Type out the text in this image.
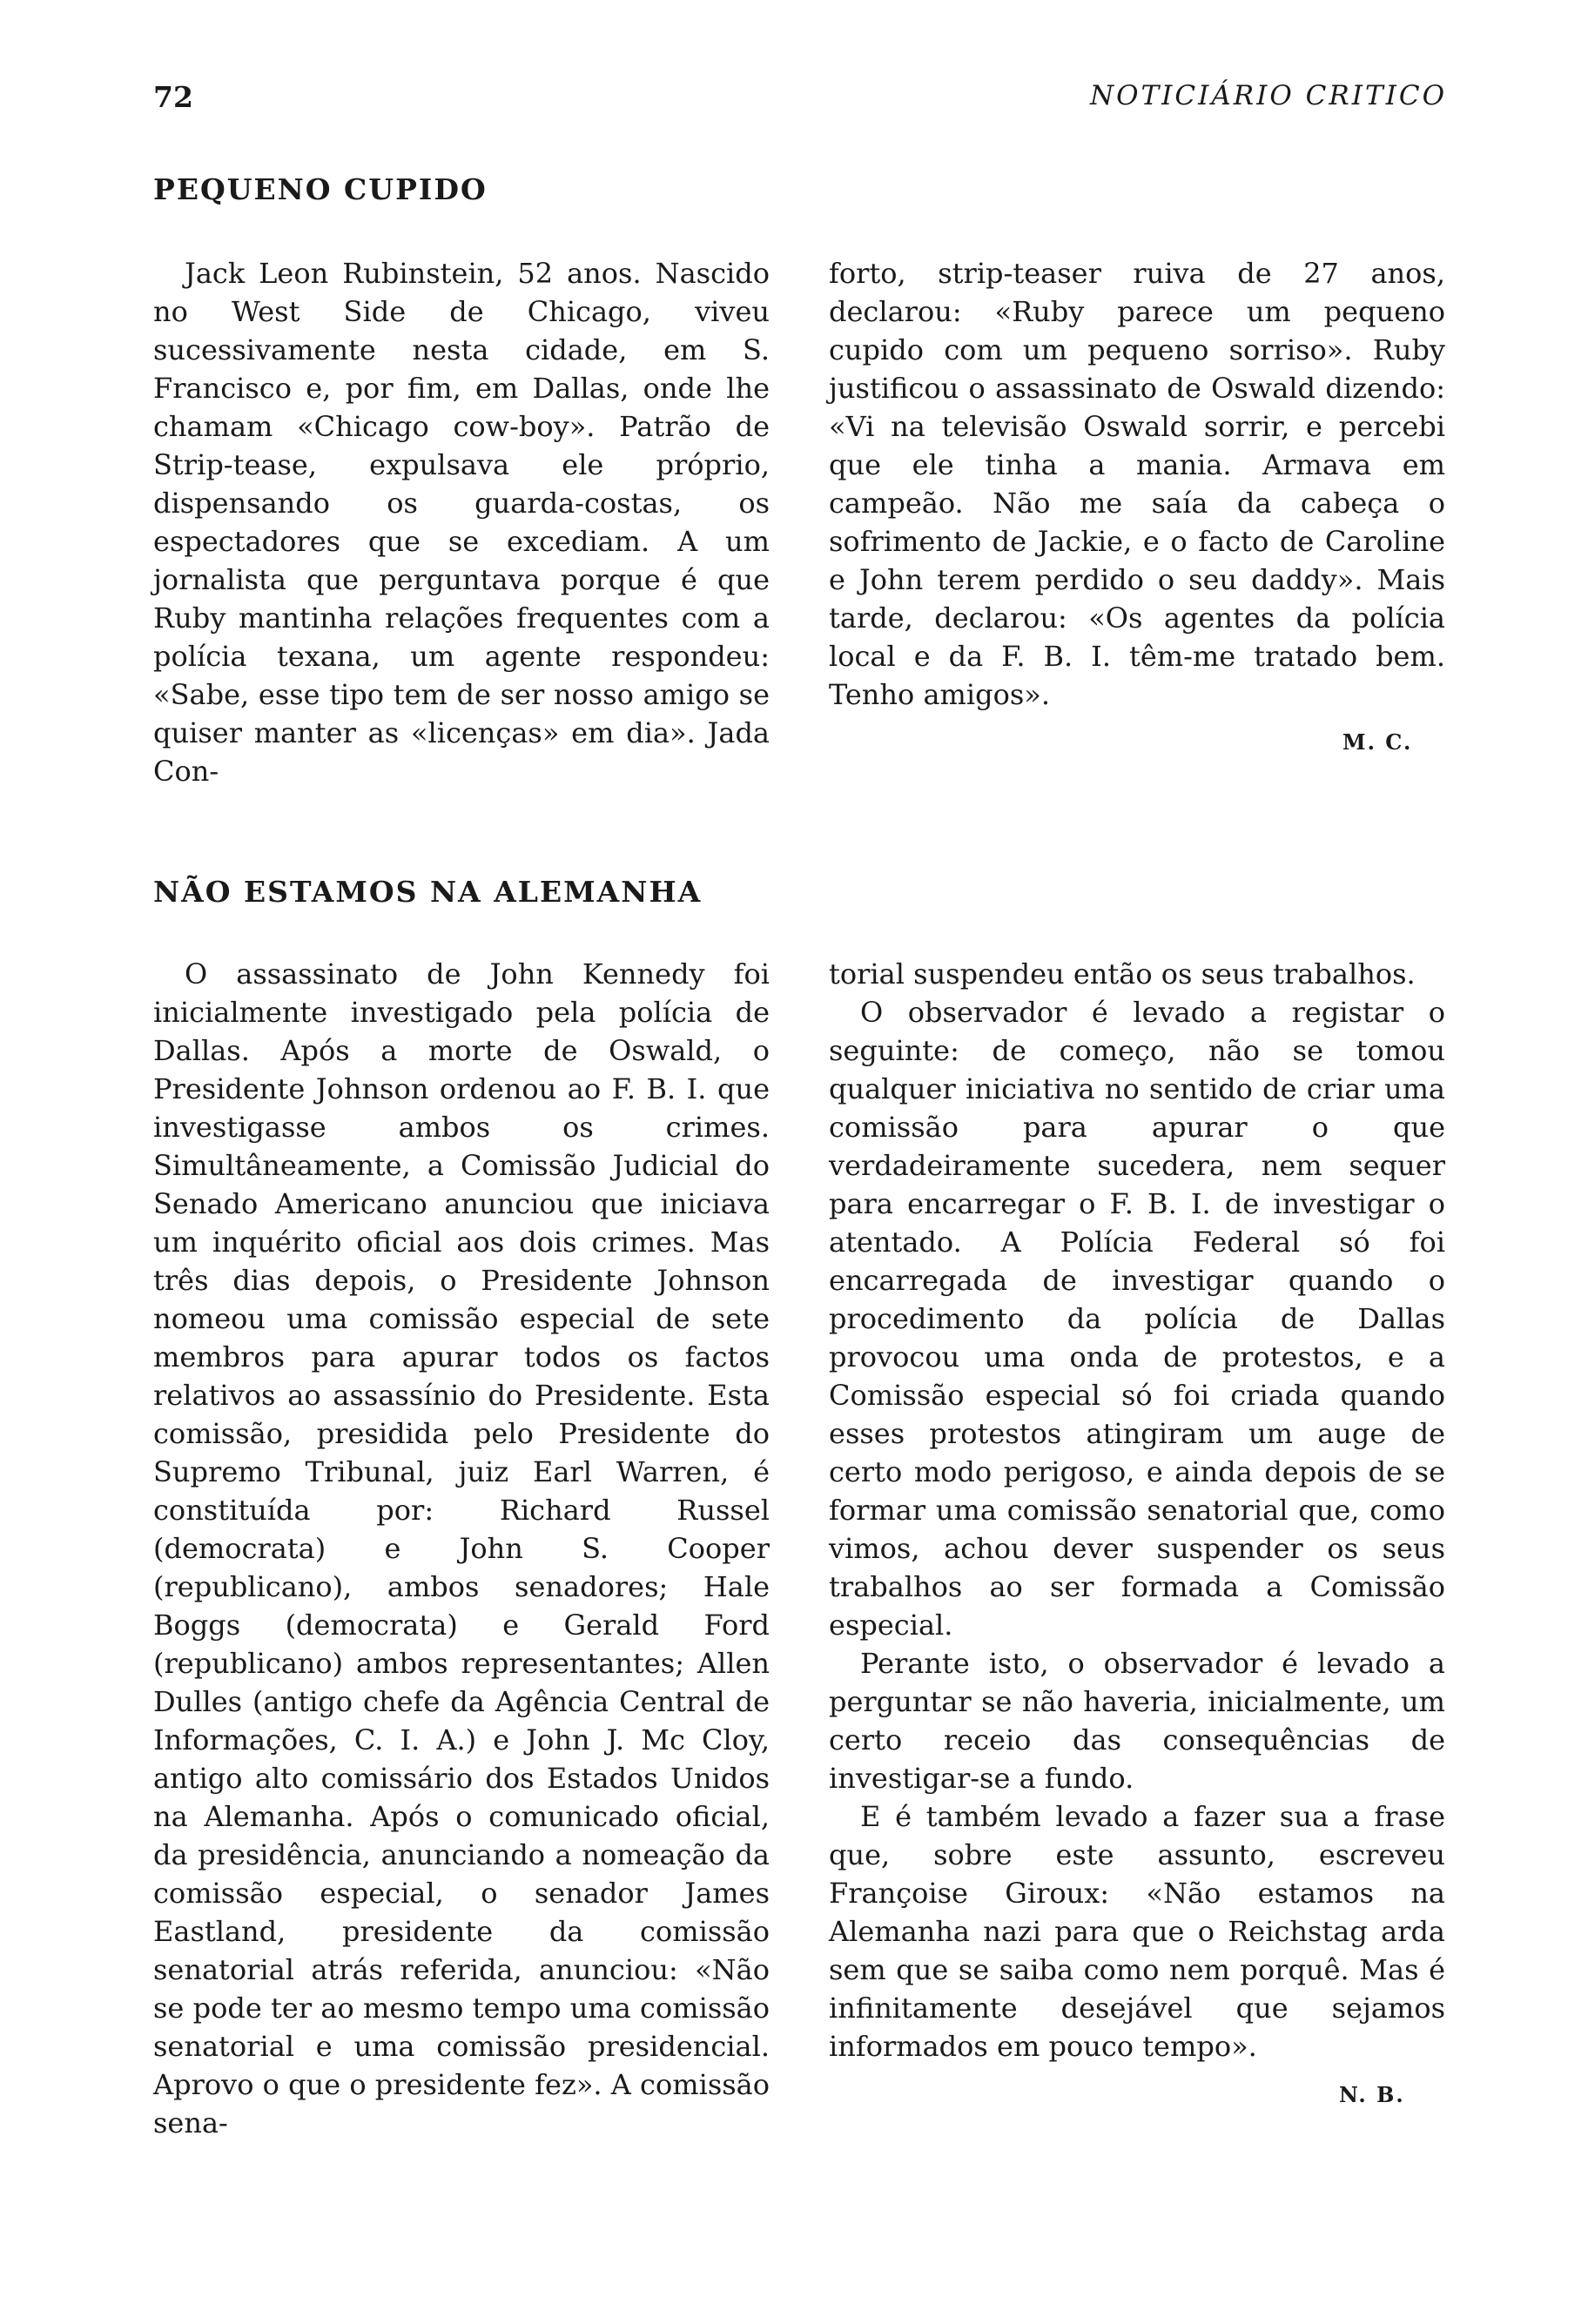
72	NOTICIÁRIO CRITICO
PEQUENO CUPIDO

Jack Leon Rubinstein, 52 anos. Nascido no West Side de Chicago, viveu sucessivamente nesta cidade, em S. Francisco e, por fim, em Dallas, onde lhe chamam «Chicago cow-boy». Patrão de Strip-tease, expulsava ele próprio, dispensando os guarda-costas, os espectadores que se excediam. A um jornalista que perguntava porque é que Ruby mantinha relações frequentes com a polícia texana, um agente respondeu: «Sabe, esse tipo tem de ser nosso amigo se quiser manter as «licenças» em dia». Jada Con-

forto, strip-teaser ruiva de 27 anos, declarou: «Ruby parece um pequeno cupido com um pequeno sorriso». Ruby justificou o assassinato de Oswald dizendo: «Vi na televisão Oswald sorrir, e percebi que ele tinha a mania. Armava em campeão. Não me saía da cabeça o sofrimento de Jackie, e o facto de Caroline e John terem perdido o seu daddy». Mais tarde, declarou: «Os agentes da polícia local e da F. B. I. têm-me tratado bem. Tenho amigos».

M. C.
NÃO ESTAMOS NA ALEMANHA

O assassinato de John Kennedy foi inicialmente investigado pela polícia de Dallas. Após a morte de Oswald, o Presidente Johnson ordenou ao F. B. I. que investigasse ambos os crimes. Simultâneamente, a Comissão Judicial do Senado Americano anunciou que iniciava um inquérito oficial aos dois crimes. Mas três dias depois, o Presidente Johnson nomeou uma comissão especial de sete membros para apurar todos os factos relativos ao assassínio do Presidente. Esta comissão, presidida pelo Presidente do Supremo Tribunal, juiz Earl Warren, é constituída por: Richard Russel (democrata) e John S. Cooper (republicano), ambos senadores; Hale Boggs (democrata) e Gerald Ford (republicano) ambos representantes; Allen Dulles (antigo chefe da Agência Central de Informações, C. I. A.) e John J. Mc Cloy, antigo alto comissário dos Estados Unidos na Alemanha. Após o comunicado oficial, da presidência, anunciando a nomeação da comissão especial, o senador James Eastland, presidente da comissão senatorial atrás referida, anunciou: «Não se pode ter ao mesmo tempo uma comissão senatorial e uma comissão presidencial. Aprovo o que o presidente fez». A comissão sena-

torial suspendeu então os seus trabalhos.

O observador é levado a registar o seguinte: de começo, não se tomou qualquer iniciativa no sentido de criar uma comissão para apurar o que verdadeiramente sucedera, nem sequer para encarregar o F. B. I. de investigar o atentado. A Polícia Federal só foi encarregada de investigar quando o procedimento da polícia de Dallas provocou uma onda de protestos, e a Comissão especial só foi criada quando esses protestos atingiram um auge de certo modo perigoso, e ainda depois de se formar uma comissão senatorial que, como vimos, achou dever suspender os seus trabalhos ao ser formada a Comissão especial.

Perante isto, o observador é levado a perguntar se não haveria, inicialmente, um certo receio das consequências de investigar-se a fundo.

E é também levado a fazer sua a frase que, sobre este assunto, escreveu Françoise Giroux: «Não estamos na Alemanha nazi para que o Reichstag arda sem que se saiba como nem porquê. Mas é infinitamente desejável que sejamos informados em pouco tempo».

N. B.
